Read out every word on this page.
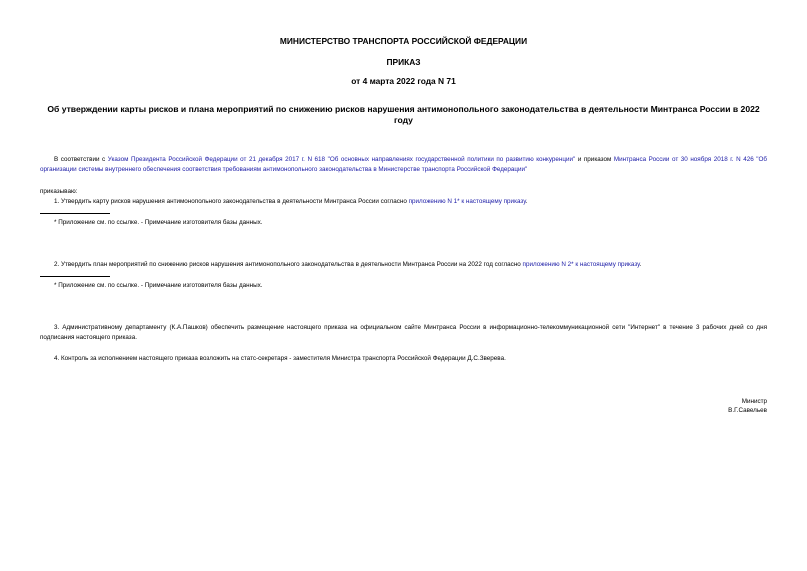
МИНИСТЕРСТВО ТРАНСПОРТА РОССИЙСКОЙ ФЕДЕРАЦИИ
ПРИКАЗ
от 4 марта 2022 года N 71
Об утверждении карты рисков и плана мероприятий по снижению рисков нарушения антимонопольного законодательства в деятельности Минтранса России в 2022 году
В соответствии с Указом Президента Российской Федерации от 21 декабря 2017 г. N 618 "Об основных направлениях государственной политики по развитию конкуренции" и приказом Минтранса России от 30 ноября 2018 г. N 426 "Об организации системы внутреннего обеспечения соответствия требованиям антимонопольного законодательства в Министерстве транспорта Российской Федерации"
приказываю:
1. Утвердить карту рисков нарушения антимонопольного законодательства в деятельности Минтранса России согласно приложению N 1* к настоящему приказу.
* Приложение см. по ссылке. - Примечание изготовителя базы данных.
2. Утвердить план мероприятий по снижению рисков нарушения антимонопольного законодательства в деятельности Минтранса России на 2022 год согласно приложению N 2* к настоящему приказу.
* Приложение см. по ссылке. - Примечание изготовителя базы данных.
3. Административному департаменту (К.А.Пашков) обеспечить размещение настоящего приказа на официальном сайте Минтранса России в информационно-телекоммуникационной сети "Интернет" в течение 3 рабочих дней со дня подписания настоящего приказа.
4. Контроль за исполнением настоящего приказа возложить на статс-секретаря - заместителя Министра транспорта Российской Федерации Д.С.Зверева.
Министр
В.Г.Савельев
